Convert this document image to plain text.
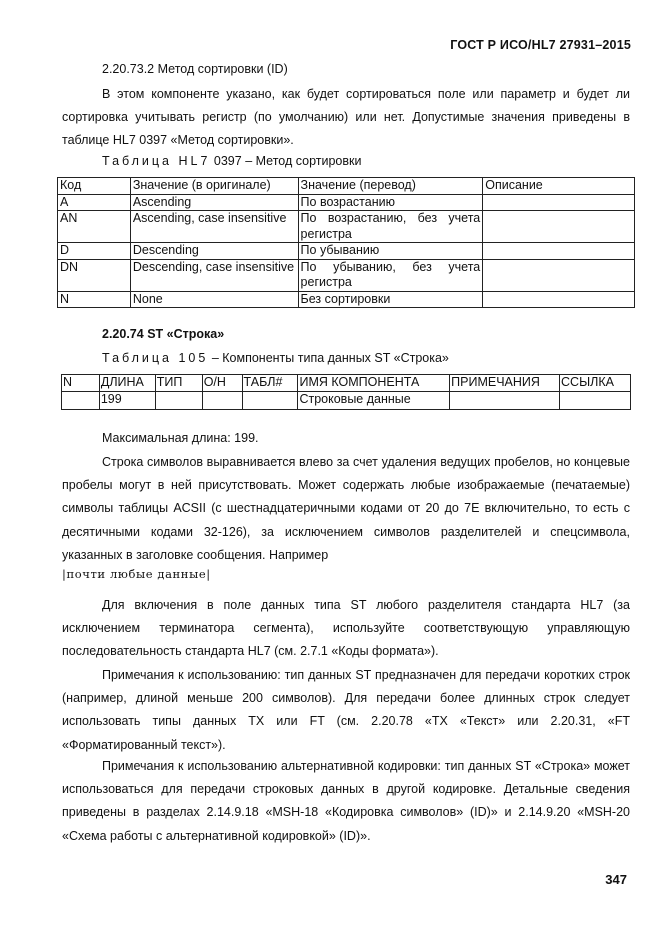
ГОСТ Р ИСО/HL7 27931–2015

2.20.73.2 Метод сортировки (ID)

В этом компоненте указано, как будет сортироваться поле или параметр и будет ли сортировка учитывать регистр (по умолчанию) или нет. Допустимые значения приведены в таблице HL7 0397 «Метод сортировки».

Таблица HL7 0397 – Метод сортировки
Код	Значение (в оригинале)	Значение (перевод)	Описание
A	Ascending	По возрастанию	
AN	Ascending, case insensitive	По возрастанию, без учета регистра	
D	Descending	По убыванию	
DN	Descending, case insensitive	По убыванию, без учета регистра	
N	None	Без сортировки	

2.20.74 ST «Строка»

Таблица 105 – Компоненты типа данных ST «Строка»
N	ДЛИНА	ТИП	О/Н	ТАБЛ#	ИМЯ КОМПОНЕНТА	ПРИМЕЧАНИЯ	ССЫЛКА
	199				Строковые данные		

Максимальная длина: 199.

Строка символов выравнивается влево за счет удаления ведущих пробелов, но концевые пробелы могут в ней присутствовать. Может содержать любые изображаемые (печатаемые) символы таблицы ACSII (с шестнадцатеричными кодами от 20 до 7E включительно, то есть с десятичными кодами 32-126), за исключением символов разделителей и спецсимвола, указанных в заголовке сообщения. Например

|почти любые данные|

Для включения в поле данных типа ST любого разделителя стандарта HL7 (за исключением терминатора сегмента), используйте соответствующую управляющую последовательность стандарта HL7 (см. 2.7.1 «Коды формата»).

Примечания к использованию: тип данных ST предназначен для передачи коротких строк (например, длиной меньше 200 символов). Для передачи более длинных строк следует использовать типы данных TX или FT (см. 2.20.78 «TX «Текст» или 2.20.31, «FT «Форматированный текст»).

Примечания к использованию альтернативной кодировки: тип данных ST «Строка» может использоваться для передачи строковых данных в другой кодировке. Детальные сведения приведены в разделах 2.14.9.18 «MSH-18 «Кодировка символов» (ID)» и 2.14.9.20 «MSH-20 «Схема работы с альтернативной кодировкой» (ID)».

347
